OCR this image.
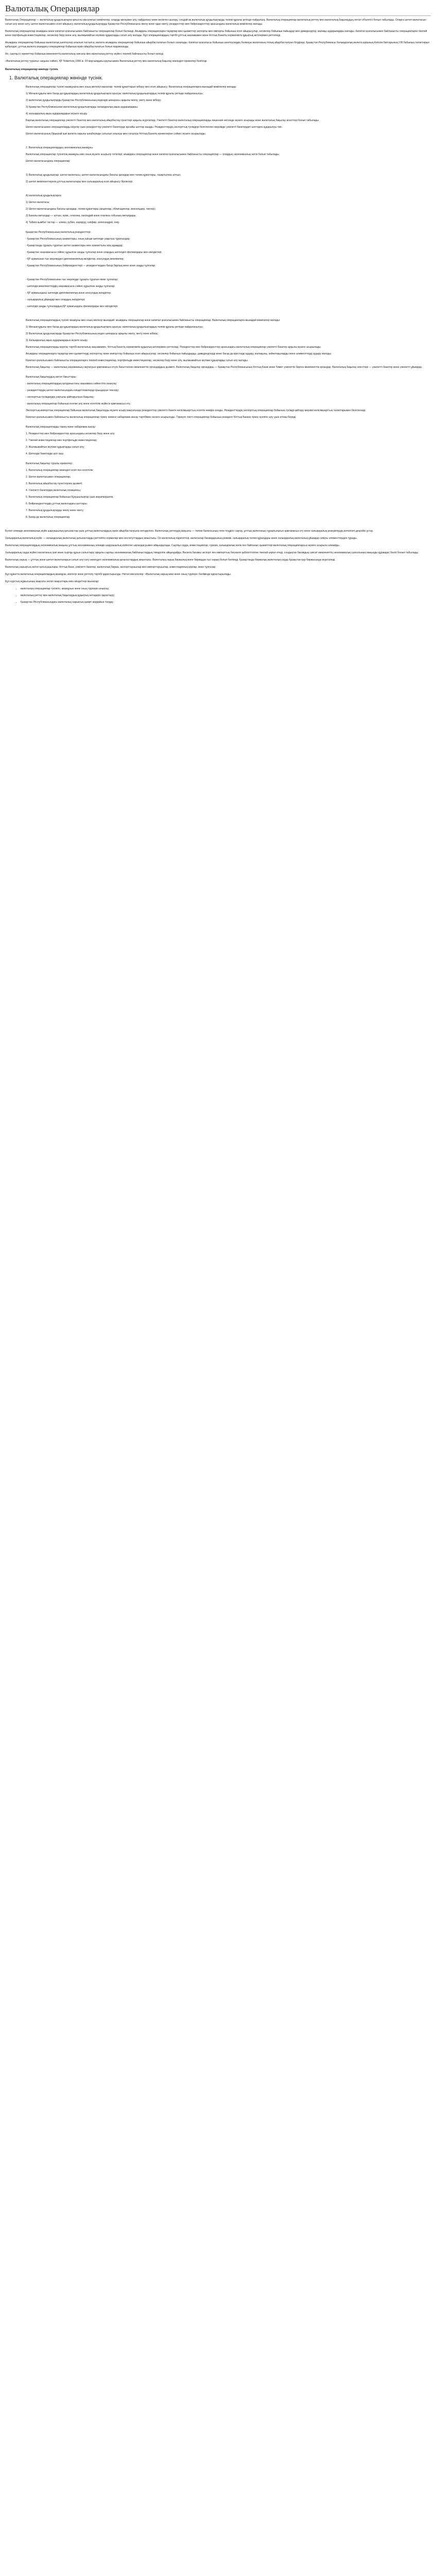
Валюталық Операциялар

Валюталық Операциялар — валюталық құндылықтарға қатысты жасалатын мәмілелер, оларды меншікке алу, пайдалану және иеліктен шығару, сондай-ақ валюталық құндылықтарды төлем құралы ретінде пайдалану. Валюталық операциялар валюталық реттеу мен валюталық бақылаудың негізгі объектісі болып табылады. Оларға шетел валютасын сатып алу және сату, шетел валютасымен есеп айырысу, валюталық құндылықтарды Қазақстан Республикасына әкелу және одан әкету, резиденттер мен бейрезиденттер арасындағы валюталық мәмілелер жатады.

Валюталық операциялар ағымдағы және капитал қозғалысымен байланысты операциялар болып бөлінеді. Ағымдағы операцияларға тауарлар мен қызметтер экспорты мен импорты бойынша есеп айырысулар, несиелер бойынша пайыздар мен дивидендтер, жалақы аударымдары жатады. Капитал қозғалысымен байланысты операцияларға тікелей және портфельдік инвестициялар, несиелер беру және алу, жылжымайтын мүлікке құқықтарды сатып алу жатады. Бұл операциялардың тәртібі ұлттық заңнамамен және Ұлттық Банктің нормативтік құқықтық актілерімен реттеледі.

Ағымдағы операциялар бойынша валюталық шектеулер алынып тасталса, валюта ағымдағы операциялар бойынша айырбасталатын болып саналады. Капитал қозғалысы бойынша шектеулердің болмауы валютаның толық айырбасталуын білдіреді. Қазақстан Республикасы Халықаралық валюта қорының Келісім баптарының VIII бабының талаптарын қабылдап, ұлттық валюта ағымдағы операциялар бойынша еркін айырбасталатын болып жарияланды.

Ал, сыртқы іс-әрекеттер бойынша мемлекеттің валюталық саясаты мен валюталық реттеу жүйесі тікелей байланысты болып келеді.

«Валюталық реттеу туралы» заңына сәйкес, ҚР Үкіметінің 1996 ж. 24 маусымдағы қаулысымен Валюталық реттеу мен валюталық бақылау жөніндегі ережелер бекітілді.

Валюталық операциялар жөнінде түсінік.
1. Валюталық операциялар жөнінде түсінік.

Валюталық операциялар түсінігі мазмұнына мен оның жіктелуі мыналар: төлем құжаттарын жіберу мен есеп айырысу; Валюталық операцияларға мынадай мәмілелер жатады:

1) Меншік құқығы мен басқа да құқықтардың валюталық құндылықтарға ауысуы; валюталық құндылықтардың төлем құралы ретінде пайдаланылуы;

2) валюталық құндылықтарды Қазақстан Республикасының кедендік шекарасы арқылы әкелу, әкету және жіберу;

3) Қазақстан Республикасынан валюталық құндылықтарды халықаралық ақша аударымдары;

4) халықаралық ақша аударымдарын жүзеге асыру.

Барлық валюталық операциялар уәкілетті банктер мен валюталық айырбастау пункттері арқылы жүргізіледі. Уәкілетті банктер валюталық операцияларды лицензия негізінде жүзеге асырады және валюталық бақылау агенттері болып табылады.

Шетел валютасымен операцияларды жүргізу үшін резиденттер уәкілетті банктерде арнайы шоттар ашады. Резиденттердің экспорттық түсімдері белгіленген мерзімде уәкілетті банктердегі шоттарға аударылуы тиіс.

Шетел валютасының бірыңғай ішкі валюта нарығы шеңберінде сатылып алынуы мен сатылуы Ұлттық Банктің ережелеріне сәйкес жүзеге асырылады.

2. Валюталық операциялардың экономикалық мазмұны.

Валюталық операциялар түсінігінің мазмұны мен оның жүзеге асырылу тетіктері: ағымдағы операциялар және капитал қозғалысымен байланысты операциялар — олардың экономикалық негізі болып табылады.

Шетел валютасындағы операциялар:

1) Валюталық құндылықтар: шетел валютасы, шетел валютасындағы бағалы қағаздар мен төлем құжаттары, тазартылған алтын;

2) шетел мемлекеттерінің ұлттық валюталары мен халықаралық есеп айырысу бірліктері.

А) валюталық құндылықтарға:

1) Шетел валютасы;

2) Шетел валютасындағы бағалы қағаздар, төлем құжаттары (акциялар, облигациялар, вексельдер, чектер);

3) Бағалы металдар — алтын, күміс, платина, палладий және платина тобының металдары;

4) Табиғи қымбат тастар — алмаз, рубин, изумруд, сапфир, александрит, інжу.

Қазақстан Республикасының валюталық резиденттері:

- Қазақстан Республикасының азаматтары, оның ішінде шетелде уақытша тұратындар;

- Қазақстанда тұрақты тұратын шетел азаматтары мен азаматтығы жоқ адамдар;

- Қазақстан заңнамасына сәйкес құрылған заңды тұлғалар және олардың шетелдегі филиалдары мен өкілдіктері;

- ҚР аумағынан тыс жерлердегі дипломатиялық өкілдіктер, консулдық мекемелер;

- Қазақстан Республикасының бейрезиденттері — резиденттерден басқа барлық жеке және заңды тұлғалар.

- Қазақстан Республикасынан тыс жерлерде тұрақты тұратын жеке тұлғалар;

- шетелдік мемлекеттердің заңнамасына сәйкес құрылған заңды тұлғалар;

- ҚР аумағындағы шетелдік дипломатиялық және консулдық өкілдіктер;

- халықаралық ұйымдар мен олардың өкілдіктері;

- шетелдік заңды тұлғалардың ҚР аумағындағы филиалдары мен өкілдіктері.

Валюталық операциялардың түсінігі мазмұны мен оның жіктелуі мынадай: ағымдағы операциялар және капитал қозғалысымен байланысты операциялар. Валюталық операцияларға мынадай мәмілелер жатады:

1) Меншік құқығы мен басқа да құқықтардың валюталық құндылықтарға ауысуы; валюталық құндылықтардың төлем құралы ретінде пайдаланылуы;

2) Валюталық құндылықтарды Қазақстан Республикасының кеден шекарасы арқылы әкелу, әкету және жіберу;

3) Халықаралық ақша аударымдарын жүзеге асыру.

Валюталық операцияларды жүргізу тәртібі валюталық заңнамамен, Ұлттық Банктің нормативтік құқықтық актілерімен реттеледі. Резиденттер мен бейрезиденттер арасындағы валюталық операциялар уәкілетті банктер арқылы жүзеге асырылады.

Ағымдағы операцияларға тауарлар мен қызметтерді экспорттау және импорттау бойынша есеп айырысулар, несиелер бойынша пайыздарды, дивидендтерді және басқа да кірістерді аудару, жалақыны, зейнетақыларды және алименттерді аудару жатады.

Капитал қозғалысымен байланысты операцияларға тікелей инвестициялар, портфельдік инвестициялар, несиелер беру және алу, жылжымайтын мүлікке құқықтарды сатып алу жатады.

Валюталық бақылау — валюталық заңнаманың сақталуын қамтамасыз етуге бағытталған мемлекеттік органдардың қызметі. Валюталық бақылау органдары — Қазақстан Республикасының Ұлттық Банкі және Үкімет уәкілеттік берген мемлекеттік органдар. Валюталық бақылау агенттері — уәкілетті банктер және уәкілетті ұйымдар.

Валюталық бақылаудың негізгі бағыттары:

- валюталық операциялардың қолданыстағы заңнамаға сәйкестігін анықтау;

- резиденттердің шетел валютасындағы міндеттемелерді орындауын тексеру;

- экспорттық түсімдердің уақтылы қайтарылуын бақылау;

- валюталық операциялар бойынша есепке алу және есептілік жүйесін қамтамасыз ету.

Экспорттық-импорттық операциялар бойынша валюталық бақылауды жүзеге асыру мақсатында резиденттер уәкілетті банкте келісімшарттың есептік нөмірін алады. Резиденттердің экспорттық операциялар бойынша түсімді қайтару мерзімі келісімшарттың талаптарымен белгіленеді.

Капитал қозғалысымен байланысты валюталық операциялар тіркеу немесе хабарлама жасау тәртібімен жүзеге асырылады. Тіркеуге тиісті операциялар бойынша резидент Ұлттық Банкке тіркеу куәлігін алу үшін өтініш береді.

Валюталық операцияларды тіркеу және хабарлама жасау:

1. Резиденттер мен бейрезиденттер арасындағы несиелер беру және алу;

2. Тікелей инвестициялар мен портфельдік инвестициялар;

3. Жылжымайтын мүлікке құқықтарды сатып алу;

4. Шетелдік банктерде шот ашу.

Валюталық бақылау туралы ережелер:

1. Валюталық операциялар жөніндегі есеп пен есептілік;

2. Шетел валютасымен операциялар;

3. Валюталық айырбастау пункттерінің қызметі;

4. Уәкілетті банктердің валюталық позициясы;

5. Валюталық операциялар бойынша бұзушылықтар үшін жауапкершілік;

6. Бейрезиденттердің ұлттық валютадағы шоттары;

7. Валюталық құндылықтарды әкелу және әкету;

8. Басқа да валюталық операциялар.

Бүгінгі әлемдік экономикалық жүйе шаруашылық қатынастар үшін ұлттық валюталардың еркін айырбасталуына негізделген. Валюталық реттеудің мақсаты — төлем балансының тепе-теңдігін сақтау, ұлттық валютаның тұрақтылығын қамтамасыз ету және халықаралық резервтердің жеткілікті деңгейін ұстау.

Халықаралық валюталық жүйе — халықаралық валюталық қатынастарды реттейтін нормалар мен институттардың жиынтығы. Ол валюталық паритеттер, валюталар бағамдарының режимі, халықаралық төлем құралдары және халықаралық валюталық ұйымдар сияқты элементтерден тұрады.

Валюталық операциялардың экономикалық маңызы ұлттық экономиканың әлемдік шаруашылық жүйесіне ықпалдасуымен айқындалады. Сыртқы сауда, инвестициялар, туризм, халықаралық көлік пен байланыс қызметтері валюталық операцияларсыз жүзеге асырыла алмайды.

Халықаралық сауда жүйесі валютаның ішкі және сыртқы құнын салыстыру арқылы сыртқы экономикалық байланыстардың тиімділігін айқындайды. Валюта бағамы экспорт пен импорттың бәсекеге қабілеттілігіне тікелей ықпал етеді, сондықтан бағамдық саясат мемлекеттің экономикалық саясатының маңызды құрамдас бөлігі болып табылады.

Валюталық нарық — ұлттық және шетел валюталарын сатып алу-сату жөніндегі экономикалық қатынастардың жиынтығы. Валюталық нарық биржалық және биржадан тыс нарық болып бөлінеді. Қазақстанда биржалық валюталық сауда Қазақстан қор биржасында жүргізіледі.

Валюталық нарықтың негізгі қатысушылары: Ұлттық Банк, уәкілетті банктер, валюталық биржа, экспорттаушылар мен импорттаушылар, инвестициялық қорлар, жеке тұлғалар.

Бұл құжатта валюталық операциялардың мазмұны, жіктелуі және реттелу тәртібі қарастырылды. Негізгі мәселелер: «Валюталық нарық жөні және оның түрлері» бөлімінде қарастырылады.

Бұл курстың жұмысының мақсаты негізгі мақсаттары мен міндеттері мыналар:

• валюталық операциялар түсінігін, мазмұнын және оның түрлерін анықтау;
• валюталық реттеу мен валюталық бақылаудың құқықтық негіздерін қарастыру;
• Қазақстан Республикасындағы валюталық нарықтың қазіргі жағдайын талдау.
